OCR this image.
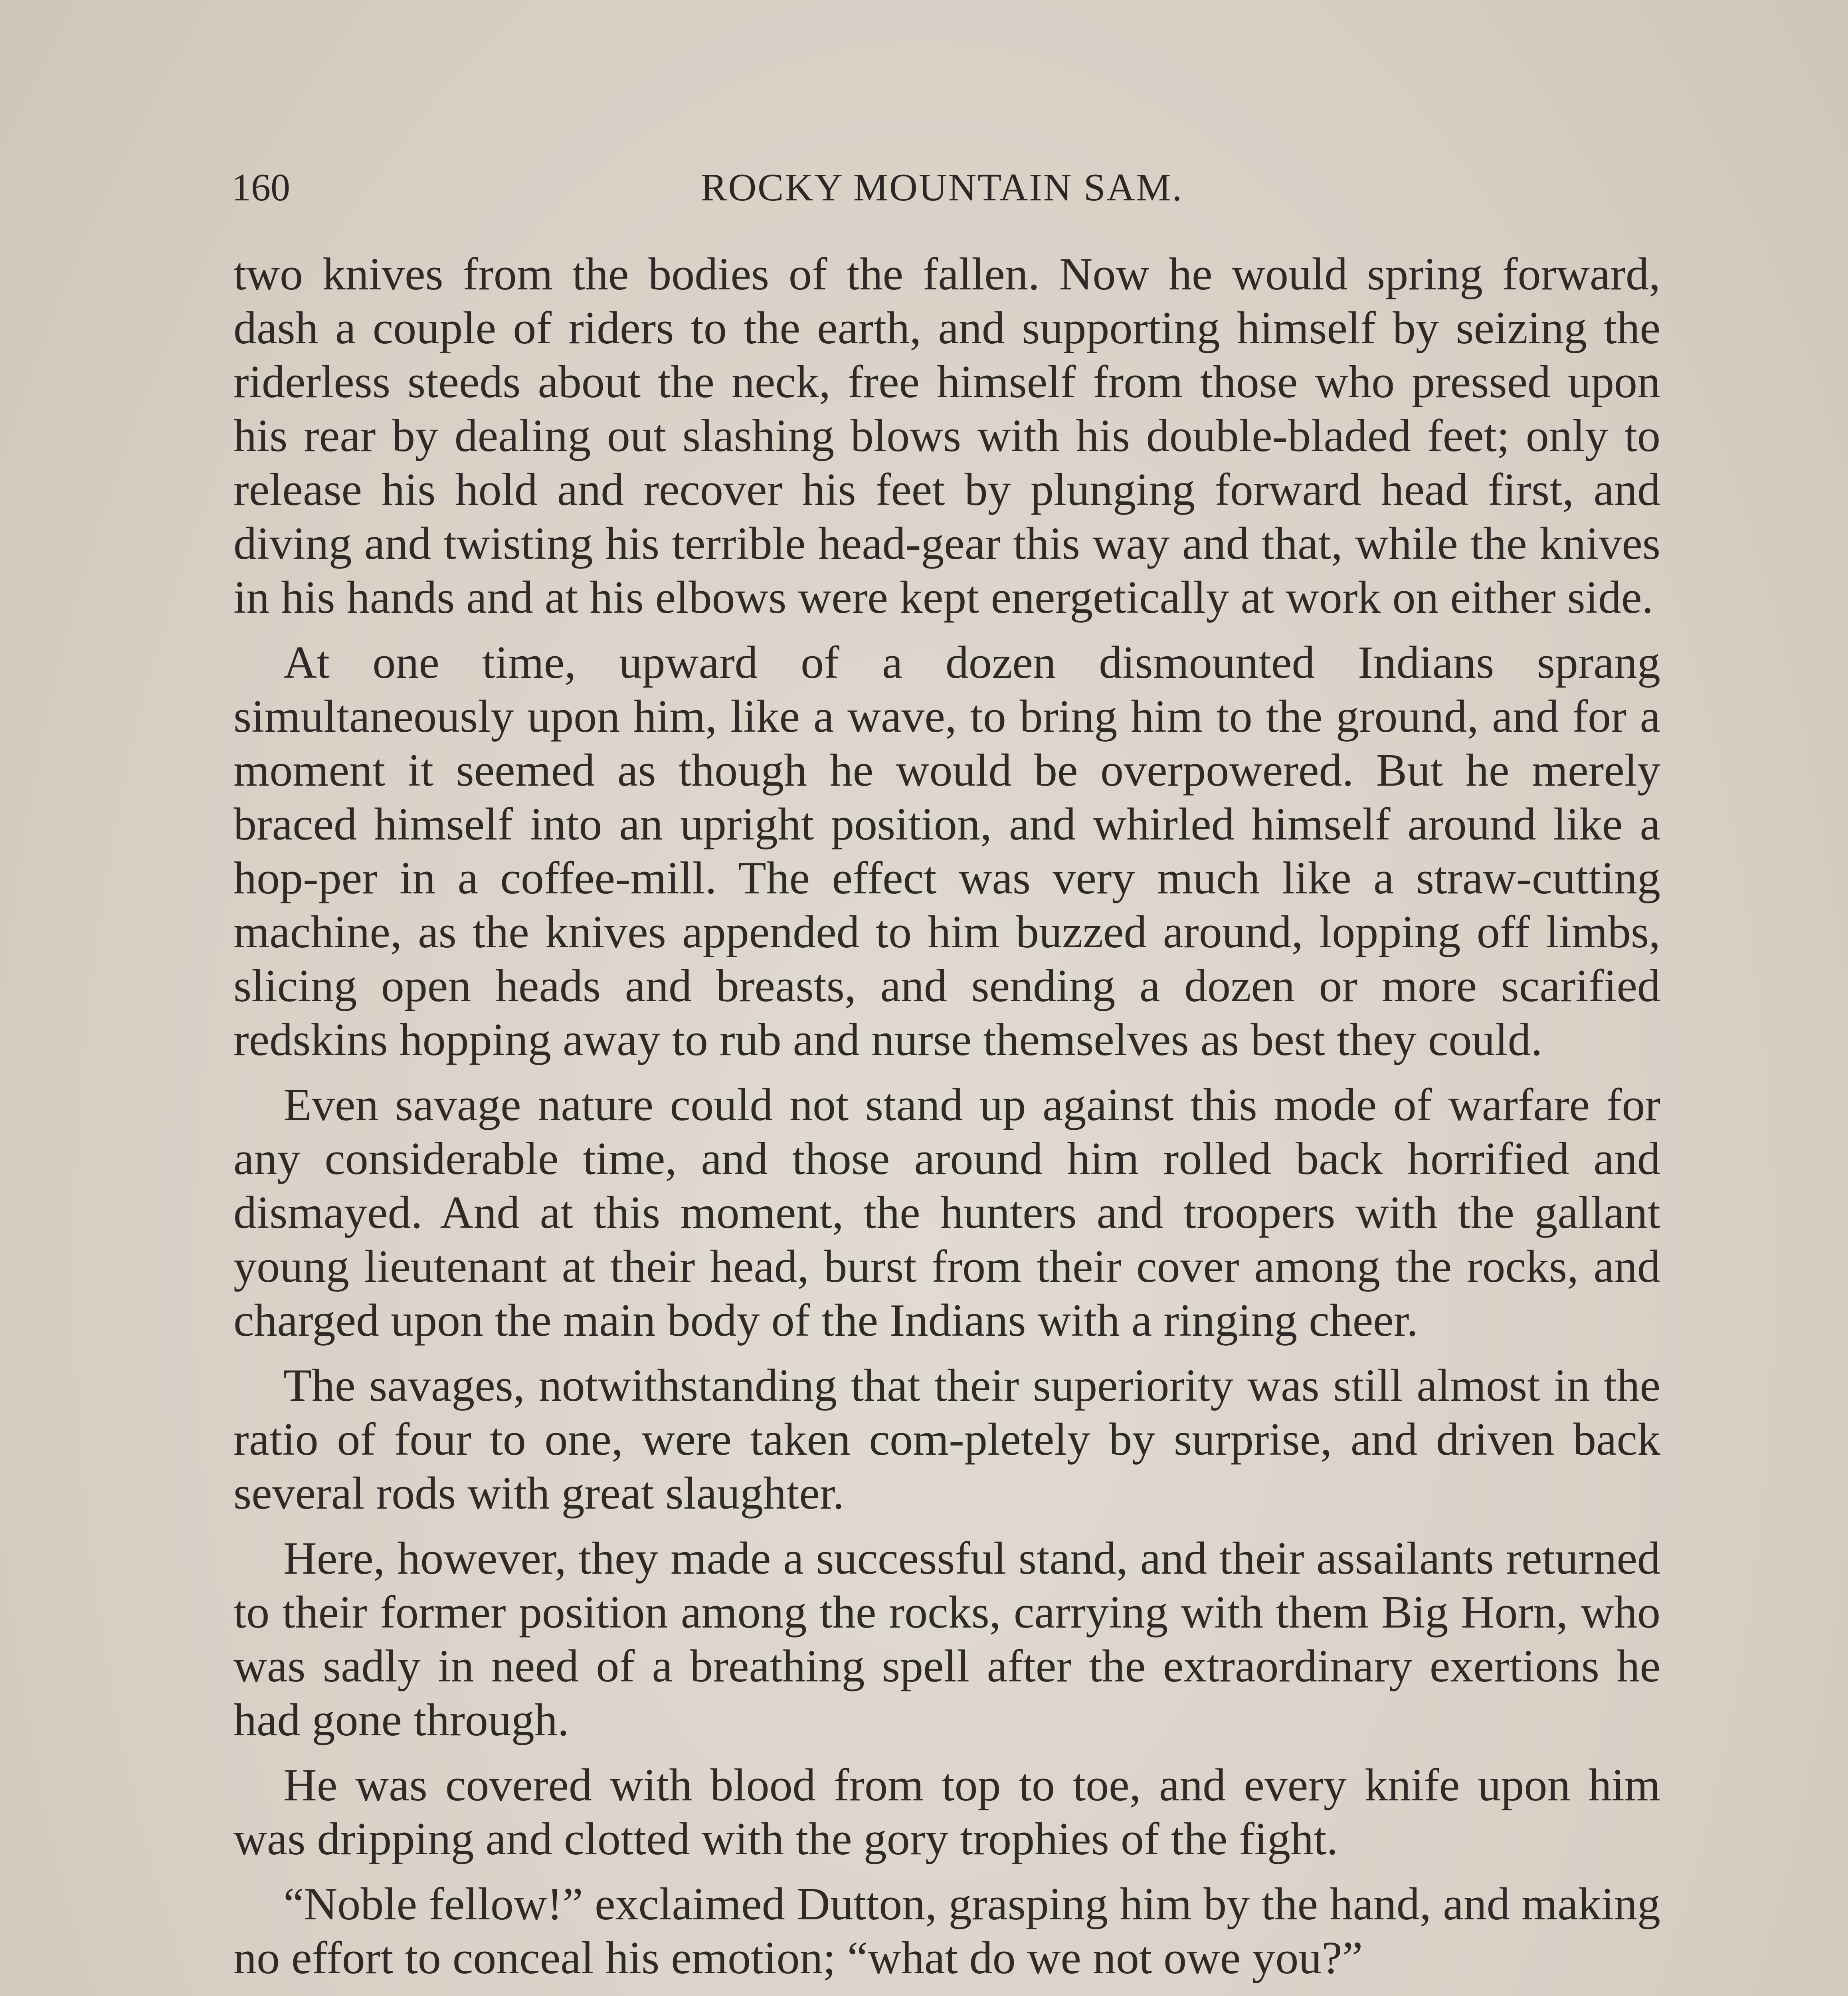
160	ROCKY MOUNTAIN SAM.

two knives from the bodies of the fallen. Now he would spring forward, dash a couple of riders to the earth, and supporting himself by seizing the riderless steeds about the neck, free himself from those who pressed upon his rear by dealing out slashing blows with his double-bladed feet; only to release his hold and recover his feet by plunging forward head first, and diving and twisting his terrible head-gear this way and that, while the knives in his hands and at his elbows were kept energetically at work on either side.

At one time, upward of a dozen dismounted Indians sprang simultaneously upon him, like a wave, to bring him to the ground, and for a moment it seemed as though he would be overpowered. But he merely braced himself into an upright position, and whirled himself around like a hop-per in a coffee-mill. The effect was very much like a straw-cutting machine, as the knives appended to him buzzed around, lopping off limbs, slicing open heads and breasts, and sending a dozen or more scarified redskins hopping away to rub and nurse themselves as best they could.

Even savage nature could not stand up against this mode of warfare for any considerable time, and those around him rolled back horrified and dismayed. And at this moment, the hunters and troopers with the gallant young lieutenant at their head, burst from their cover among the rocks, and charged upon the main body of the Indians with a ringing cheer.

The savages, notwithstanding that their superiority was still almost in the ratio of four to one, were taken com-pletely by surprise, and driven back several rods with great slaughter.

Here, however, they made a successful stand, and their assailants returned to their former position among the rocks, carrying with them Big Horn, who was sadly in need of a breathing spell after the extraordinary exertions he had gone through.

He was covered with blood from top to toe, and every knife upon him was dripping and clotted with the gory trophies of the fight.

“Noble fellow!” exclaimed Dutton, grasping him by the hand, and making no effort to conceal his emotion; “what do we not owe you?”
